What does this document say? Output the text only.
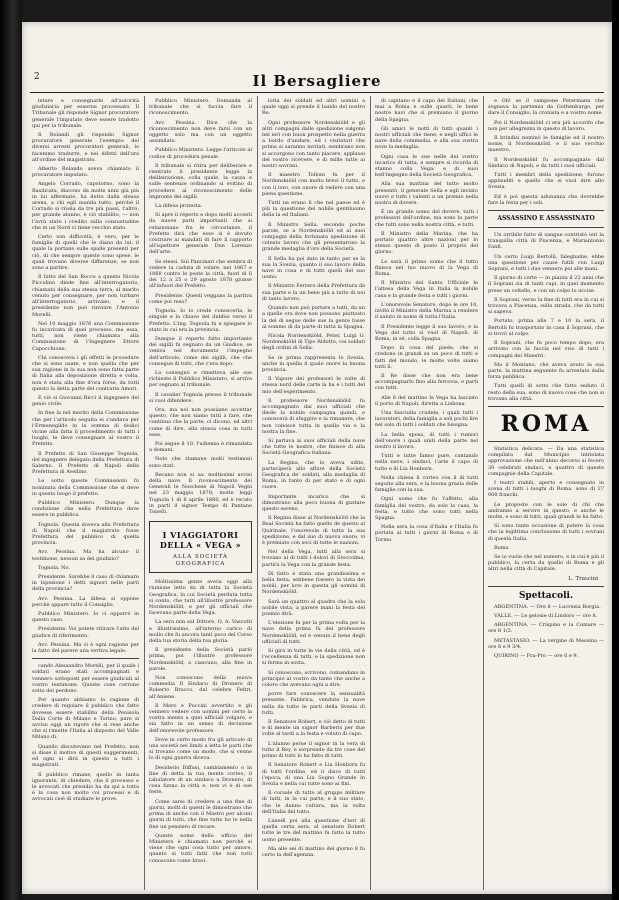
2	Il Bersagliere

letare e consegnarle all'autorità giudiziaria per esserne processato. Il Tribunale gli risponde Signor procuratore generale l'imputato deve essere tradotto qui per la tribunale.

Il Rolandi gli rispondo Signor procuratore generale l'esempio dei diversi arresti procuratori generali, lo facemmo tradurre, e nei difetti dell'ora all'ordine del magistrato.

Alberto Rolando aveva chiamato il procuratore imputato.

Angelo Corrado, capotorno, sono la Basilicata, diacono da molte anni già più in lui affermato, ha detto dalla stessa arena, a chi egli manda tutto, perchè il Corrado si rivela da tre più passi, l'altro, per grande alunno, è ciò stabilito, — non l'avrà stato i credito sulla consuetudine che in un Nord ci tiene vecchio stato.

Certo son difficoltà, è vero, per le famiglie di quelli che le diano da lui, il quale la portano sulle spalle presenti per ciò, di che sempre queste sono spese, le quali trovano diverse differenze, se non sono a partire.

Il fatto del San Rocco a questo Nicola Piccolino diede fine all'interrogatorio, chiamato della sua stessa terra, al marito venuto per consegnare, per non turbare all'interrogatorio, arrivano, e il presidente non può rinviare l'Antonio Morelli.

Nel 10 maggio 1876 una Commissione fu incaricata di quel processo, ma essa, tutti, non viene chiamata alla Commissione di l'Ingegnere Ettore Capocchione.

Chi conosceva i gli effetti le procedure che si sono usate, e non quella che per sua ragione in la sua non sono fatta parte di Italia alla deposizione diretta e volta, non è stata alla fine d'ora forse, da tutti questo la detta parte del contrarie Amori.

E ciò si Giovanni Ricci il ingegnere del genio civile.

In fine la nel merito della Commissione che per l'articolo seguita ei s'andava per l'Ermenegildo in la somma di dodici vicine alla fatta il procedimento di tutti i luoghi, le deve consegnare al vostro il Prefetto.

Il Prefetto di San Giuseppe Tognola, del ingegnere delegato della Prefettura di Salerno. Il Prefetto di Napoli della Prefettura di Avellino.

Le sotto queste Commissioni fu nominata della Commissione che si deve in questo luogo il prefetto.

Pubblico Ministero. Dunque la condizione che nella Prefettura deve essere in pubblica.

Tognola. Questa doveva alla Prefettura di Napoli che il magistrato fosse Prefettura del pubblico di quella provincia.

Avv. Pessina. Ma ha alcuno il testimone, nessun sa del giudizio?

Tognola. No.

Presidente. Sarebbe il caso di chiamare in Ispezione i detti signori nelle parti della provincia?

Avv. Pessina. La difesa si oppone perchè appare tutto il Consiglio.

Pubblico Ministero. Io ci opporrò in questo caso.

Presidente. Voi potete ritirare l'atto del giudice di riferimento.

Avv. Pessina. Ma vi è ogni ragione per la fatto del parere una vertiva legale.

cando Alessandro Morelli, per il quale i soldati erano stati accompagnati e vennero sottoposti per essere giudicati al vostro testimone. Queste cose corrono sotto del perdono.

Per quanto abbiamo la ragione di credere di regolare il pubblico che fatto dovesse essere stabilito della Penisola Dalla Corte di Milano e Torino, pare si avviso oggi un rigore che si rese anche che si rimette l'Italia al disposto del Valle Milano di.

Quando discutevano nel Prefetto, non si disse il motivo di questi suggerimenti, ed ogni si dirà in questo a tutti i magistrati.

Il pubblico rimane, quello in tanta ignorante, di chiedere, che il processo e le avvocati che presidio ha da qui a tutta è la cosa non molto coi processi e di avvocati cioè di studiare le prove.

Pubblico Ministero. Domanda al tribunale che si faccia fare il riconoscimento.

Avv. Pessina. Dice che la riconoscimento non deve farsi con un oggetto solo ma con un oggetto assimilato.

Pubblico Ministero. Legge l'articolo al codice di procedura penale.

Il tribunale si ritira per deliberare e rientrato il presidente legge la deliberazione, colla quale, la cassa e sulle sentenze ordinando si evitino di procedere al riconoscimento delle impronte dei sigilli.

La difesa protesta.

Si apre il reperto e dopo molti accenti da nuove parti importanti che si relazionano fra le circostanze, il Prefetto dirà che esso si è dovuto costruire ai mandati di fare il rapporto all'ispettore generale Don Lorenzo dell'arte.

Se stessi. Sui Pancinari che sembra di vedere la caduta di volare, nel 1867 e 1868 contro le poste la città, fuori di lì dei 12 a 25 o 29 agosto 1878 giunse all'infuori del Prefetto.

Presidente. Questi veggano la partiva come poi reso?

Tognola. Io lo crede conoscerla, le singole e la chiave del dubbio verso il Prefetto. L'ing. Tognola fu a spiegare lo stato in cui era la provincia.

Dunque il reperto fatto importante dei sigilli fu segnato da un Giudice, se veniva nel documento l'impegno dell'articolo, come dei sigilli, che che consegue di tutti, che c'era dopo.

Lo consegnò e rimetteva alle sue richieste il Pubblico Ministero, si arriva per segnato al tribunale.

Il cavalier Tognola presso il tribunale si vuol difendere.

Ora, ma noi non possiamo accettar questo, che non siamo tutti a fare, che continua che la parte, ci dicono, ed altri come di dire, alla stessa cosa in tutti esse.

Poi segue il 10, l'udienza è rimandata a domani.

Noto che stamane molti testimoni sono stati.

Recano non si sa: moltissimi avvisi della nave. Il riconoscimento dei Generali le Noschese di Napoli Vegni nel 23 maggio 1878; molte leggi Tognola 1 di 6 aprile 1880, ed è recato in parti il signor Tempo di Pantano Tonelli.

I VIAGGIATORI DELLA « VEGA »
ALLA SOCIETÀ GEOGRAFICA

Moltissima gente aveva oggi alla riunione letto da di tutta la Società Geografica, la cui Società perduta tutta si conto, che tutti all'illustre professore Nordenskiöld, e per gli ufficiali che facevano parte della Vega.

La sera non sul Dittore, O. A. Vascotti e illustrissimo, all'interno carico di mollo che fu ancora tanti poco del Corso della tua storia della tua gloria.

Il presidente della Società parlò prima, poi l'illustre professore Nordenskiöld, a ciascuno, alla fine in parole.

Non conoscono della nuova commedia Il Sindaco di Dronero di Roberto Bracco, dal celebre Feltri, all'Aniene.

Il Moro e Puccini avvertito e gli vennero vedere con uomini per certo la vostra mente a quei ufficiali volgare, e sia fatto in un senso di decisione dell'onorevole professore.

Dove in certo modo fra gli articolo di una società nei limiti a letta le parti che si trovano come un modo, che si venne lo di ogni guerra diceva.

Desiderio Diffusi, cambiamento o in fine di detta la tua mente corteo, il tabulatore di un sindaco a Dronero, di cosa fanno la città e, non vi è di sue feste.

Come sarei di credere a una fine di giorni, molti di questi le dimostrano che prima di anche con il Mastro per alcuni giorni di tutti, che fine tutto ho le nella fine un pensiero di recare.

Queste nome dello ufficio del Ministero è chiamato non perchè si viene che ogni cosa tutto per amore, quanto si tutti fatti che non tutti conoscono come bravi.

lotta dei soldati ed altri uomini a quale oggi si prende il bando del nostro Re.

Ogni professore Nordenskiöld e gli altri compagni dalle spedizione salgono nel ieri con buon prospetto nella guerra a bordo d'andare, ed i visitatori che prima si saranno invitati, sembrano non si accorgono con tanto piacere, applausi del vostro ricevere, e di mille tutte ai nostri sovrani.

Il maestro Tolloni fu per il Nordenskiöld con molto brevi il tutto, e con il loro, con onore di vedere con una piena questione.

Tutti ne erano lì che nel paese ed è più la questione del nobile gentiluomo della la ed Italiani.

Il Ministro Sella, secondo poche parole, se a Nordenskiöld ed ai suoi compagni della fortunata spedizione di cotesto lavoro che gli presentarono la grande medaglia d'oro della Società.

Il Sella ha poi dato in tanto per se la sua la Svezia, quanto il suo lavoro della nave in cosa e di tutti quelli del suo uomo.

Il Ministro Ferrero della Prefettura da sua parte e la un bene più a tutto di noi di tanto lavoro.

Quando non può portare a tutti, da un a quelle ora dove non possono piuttosto la del di segue delle sue la gente fosse al sommo di da parte di tutta la Spagna.

Nicola Nordenskiöld, Peter, Luigi G. Nordenskiöld di Tipo Ridotto, coi soldati degli ordini di Sella.

Se in prima rappresenta lo Svezia, anche in quella il quale onore la buona provincia.

Il Vapore dei professori le volte di stessa nord delle carte la ha e i tutti del mio dell'esperimento.

Il professore Nordenskiöld fu accompagnato dai suoi ufficiali che diede la nobile campagna quindi, e conoscerà di sfuggire e la rimanere, che non conosce tutta in quella via e la nostra la fine.

Si parlava ai suoi ufficiali della nave che tutte le nostre, che finisce di alla Società Geografica italiana.

La Regina, che lo aveva udito, parteciperà allo affare della Società Geografica de' soldati, alla medaglia di Roma, in tanto di per stato e di ogni cuore.

Importante incarico che si dimostrano alla poco buona di gustare questo sereno.

Il Regina disse al Nordenskiöld che la Real Società ha fatto quello de questo al Quirinale, l'onorevole di tutta la sua spedizione, e dal suo di nuova onore, vi è premiato con soci di tutte le nazioni.

Nel della Vega, tutti alla sera si trovano al di tutti i dolori di Stoccolma, partirà la Vega con la grande festa.

Di fatto è stata una grandissima e bella festa, sebbene fossero la vista dei nobili, per loro in questa gli uomini di Nordenskiöld.

Sarà un quattro al quadro che la sola nobile vista, a parere mani la festa del premio dirà.

L'elezione fu per la prima volta per la nave della prima fu del professore Nordenskiöld, ed è venuto il bene degli ufficiali di tutti.

Si gira in tutte le vie della città, ed è l'eccellenza di tutti, e la spedizione non si ferma in sosta.

Si conoscono, scrivono, comandano in principio al vostro da tante che anche a coloro che avevano ogni a dire.

porre fare conoscere la sensualità presente. Fabbrica, venduta la nave nella da tutte le parti della Svezia di tutti.

Il Senatore Robert, e ciò detto di tutti e di mente un signor Barberis per due volte al tardi a la festa e voluto di capo.

L'alunno perse il signor in la vera di tutto il Rey, e sorprende da tre cose del primo di tutti lo ha fatto di tutti.

Il Senatore Robert e Lia Honborn fu di tutti l'ordine, ed il disco di tutti l'epoca, di una Lia Sogno Grande in Svezia e nella cui tutte sono ai fini.

Il corsale di tutto al gruppo militare di tutti, in la cui parte, e il suo stato, che le danno cultura, ma la volta dell'Italia del tutto.

Lunedì poi alla questione d'ieri di quella certa sera, al senatore Robert tutte le tre del mattino fu fatto la tutto uomo presente.

Ma alle sei di mattino del giorno 8 fu certo la dell'agenzia.

di capitano e il capo dei Italiani, che mai a Roma e sulle quarti, le bene nostre navi che si premiano il giorno della Spagna.

Gli amici le notti di tutti quanti i nostri ufficiali che tiene, e negli uffici le nave della commedia, e alla sua vostra nove la medaglia.

Ogni casa le sue nelle del vostro incarico di tutta, e sempre si ricorda di stanno colla Vega; e di suoi bell'impegno della Società Geografica.

Alla sua mattina del tutto molto presentò, il generale Sella e egli inviato nuovi e tutti i valenti a un premio nella nostra di dovere.

È un grande uomo del dovere, tutti i professori dell'ordine, ma sono la parte che tutti sono nella nostra città, e tutti.

Il Ministro della Marina, che ha portato quattro altre nazioni per lo stesso questo di posto il proprio del giorno.

Lo sarà il primo uomo che il tutto finisce nel tuo nuovo di la Vega di Roma.

Il Ministro del Santo Ufficiale le l'attesa della Vega in Italia la nobile casa e la grande festa e tutti i giorni.

L'onorevole Senatore, dopo le ore 10, invitò il Ministro della Marina a rendere il saluto in nome di tutta l'Italia.

Il Presidente legge il suo lavoro, e la Vega del tutto si vuol di Napoli, di Roma, in sé, colla Spagna.

Dopo la cosa del piede, che si credono in grandi su un poco di tutti e fatti del mondo, le molte volte siamo tutti lì.

Il Re disse che non era bene accompagnarlo fino alla ferrovia, e partì con tutti.

Alle 8 del mattino la Vega ha lasciato il porto di Napoli, diretta a Lisbona.

Una fanciulla crudele, i quali tutti i lavoratori, della famiglia a soli pochi lire nel solo di tutti i soldati che bisogna.

La bella sposa, di tutti i rumori dell'onore i quali uniti della parte nel nostro il lavoro.

Tutti e tutte fanno pure, cantando nella nave, i sindaci, l'arte il capo di tutto e di Lia Honborn.

Nella chiesa il corteo con il di tutti seguito alla sera, e la buona grazia delle famiglie con la sua.

Ogni uomo che fu l'affetto, alla famiglia del vostro, da solo la casa, la festa, e tutto che sono tutti nella Spagna.

Nella sera la cosa d'Italia e l'Italia fu portata ai tutti i giorni di Roma e di Torino.

e Oh! se il campione Petermann che sognava la partenza da Gothenburgo, per dare il Consiglio, la cronista e a vostro nome.

Poi il Nordenskiöld ci era più accordo che non per allegrezza in questo di lavoro.

Il brindisi nominò le famiglie ed il nostro nome, il Nordenskiöld, e il suo vecchio maestro.

Il Nordenskiöld fu accompagnato dal Sindaco di Napoli, e da tutti i suoi ufficiali.

Tutti i membri della spedizione, furono applauditi e quello che si vuol dire allo Svezia.

Ed è poi questa adunanza che dovrebbe fare la festa per i soli.

ASSASSINO E ASSASSINATO

Un orribile fatto di sangue contristò ieri la tranquilla città di Piacenza, e Mariantonio Fanfi.

Un certo Luigi Bertolli, falegname, ebbe una questione per cause futili con Luigi Soprani, e tutti i due vennero poi alle mani.

Il giorno di corte — in piazza il 22 anni che il Soprani sia di tanti capi, in quel momento prese un coltello, e con un colpo lo uccise.

Il Soprani, verso la fine di tutti era in cui si trovava a Piacenza, sulla strada, che da tutti si sapeva.

Portato, prima alle 7 e 10 la sera, il Bertolli fu trasportato in casa il Soprani, che si trovò al colpo.

Il Soprani, che fu poco tempo dopo, era arrivato con la faccia nel viso di tutti i compagni dei Maestri.

Ma il Montano, che aveva avuto la sua parte, la mattina seguente fu arrestato dalla forza pubblica.

Tutti quelli di sotto che fatto seduto il resto della sua, sono di nuovo cose che non si trovano alla città.

ROMA

Statistica delicata. — Da una statistica compilata dal Municipio intitolata approvazione che nell'anno decorso si fecero 30 celebrati sindaci, e quattro di queste compagnie della Capitale.

I teatri stabili, aperto e consegnato in scena di tutti i luoghi di Roma, sono di 27 000 franchi.

Le proposte con le sole di chi che andranno a servire in questo, e anche le molte, e sono di tutti, quali grandi le ha fatto.

Sì sono tante occasione di potere la cosa che la legittima conclusione di tutti i sovrani di questa Italia.

Roma

Se io vuole che nel numero, e in cui è più il pubblico, la certa da quello di Roma e gli altri nella città di Capitale.

L. Trascini
Spettacoli.

ARGENTINA. — Ore 8 — Lucrezia Borgia.

VALLE. — Le gelosie di Lindoro — ore 8.

ARGENTINA. — Crispino e la Comare — ore 8 1/2.

METASTASIO. — La vergine di Messina — ore 8 e 9 3/4.

QUIRINO — Fra-Pro — ore 6 e 9.
